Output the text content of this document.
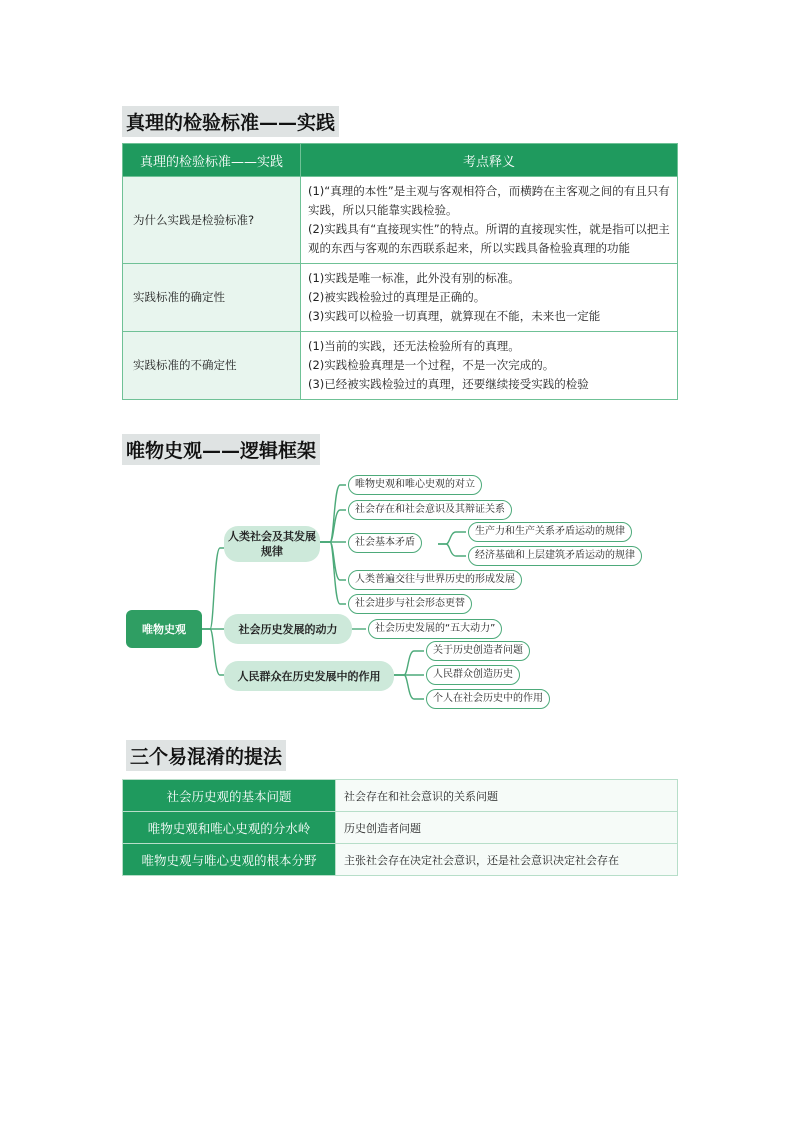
真理的检验标准——实践
真理的检验标准——实践	考点释义
为什么实践是检验标准?	(1)“真理的本性”是主观与客观相符合，而横跨在主客观之间的有且只有实践，所以只能靠实践检验。
(2)实践具有“直接现实性”的特点。所谓的直接现实性，就是指可以把主观的东西与客观的东西联系起来，所以实践具备检验真理的功能

实践标准的确定性	(1)实践是唯一标准，此外没有别的标准。
(2)被实践检验过的真理是正确的。
(3)实践可以检验一切真理，就算现在不能，未来也一定能

实践标准的不确定性	(1)当前的实践，还无法检验所有的真理。
(2)实践检验真理是一个过程，不是一次完成的。
(3)已经被实践检验过的真理，还要继续接受实践的检验
唯物史观——逻辑框架
唯物史观
人类社会及其发展规律
社会历史发展的动力
人民群众在历史发展中的作用
唯物史观和唯心史观的对立
社会存在和社会意识及其辩证关系
社会基本矛盾
人类普遍交往与世界历史的形成发展
社会进步与社会形态更替
生产力和生产关系矛盾运动的规律
经济基础和上层建筑矛盾运动的规律
社会历史发展的“五大动力”
关于历史创造者问题
人民群众创造历史
个人在社会历史中的作用
三个易混淆的提法
社会历史观的基本问题	社会存在和社会意识的关系问题
唯物史观和唯心史观的分水岭	历史创造者问题
唯物史观与唯心史观的根本分野	主张社会存在决定社会意识，还是社会意识决定社会存在
